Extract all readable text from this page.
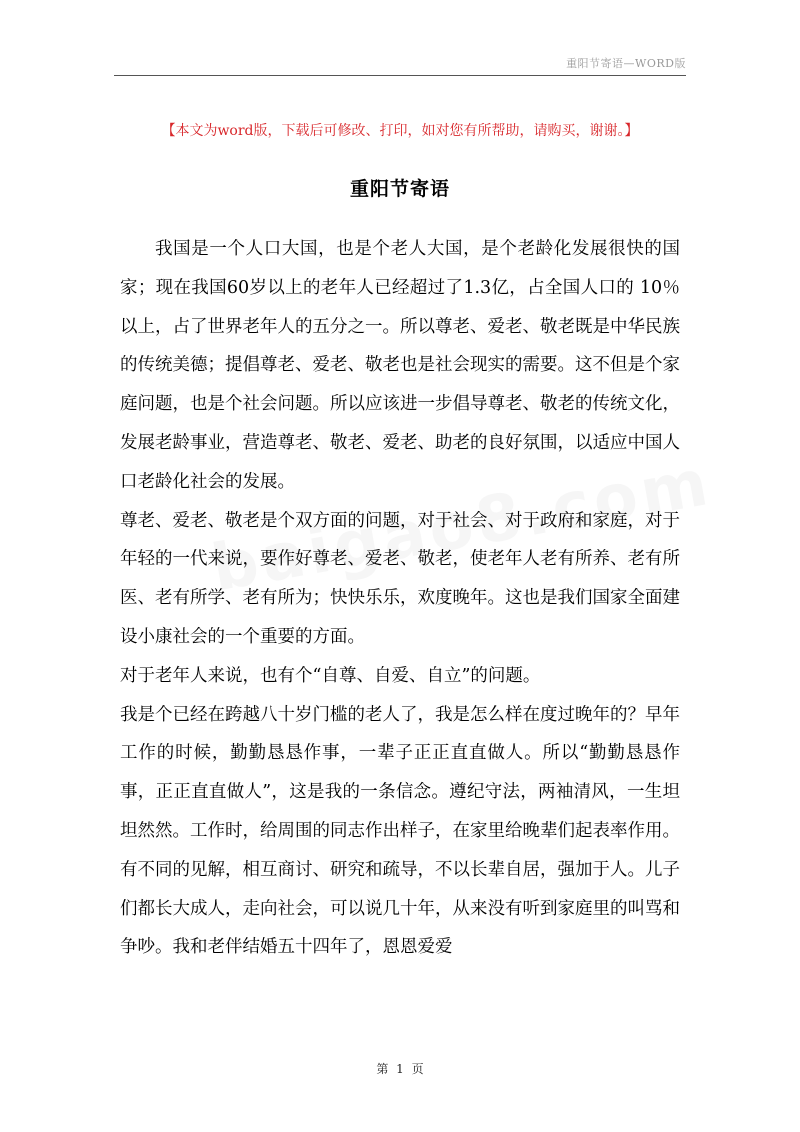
重阳节寄语—WORD版
【本文为word版，下载后可修改、打印，如对您有所帮助，请购买，谢谢。】
重阳节寄语

我国是一个人口大国，也是个老人大国，是个老龄化发展很快的国家；现在我国60岁以上的老年人已经超过了1.3亿，占全国人口的 10％以上，占了世界老年人的五分之一。所以尊老、爱老、敬老既是中华民族的传统美德；提倡尊老、爱老、敬老也是社会现实的需要。这不但是个家庭问题，也是个社会问题。所以应该进一步倡导尊老、敬老的传统文化，发展老龄事业，营造尊老、敬老、爱老、助老的良好氛围，以适应中国人口老龄化社会的发展。

尊老、爱老、敬老是个双方面的问题，对于社会、对于政府和家庭，对于年轻的一代来说，要作好尊老、爱老、敬老，使老年人老有所养、老有所医、老有所学、老有所为；快快乐乐，欢度晚年。这也是我们国家全面建设小康社会的一个重要的方面。

对于老年人来说，也有个“自尊、自爱、自立”的问题。

我是个已经在跨越八十岁门槛的老人了，我是怎么样在度过晚年的？早年工作的时候，勤勤恳恳作事，一辈子正正直直做人。所以“勤勤恳恳作事，正正直直做人”，这是我的一条信念。遵纪守法，两袖清风，一生坦坦然然。工作时，给周围的同志作出样子，在家里给晚辈们起表率作用。有不同的见解，相互商讨、研究和疏导，不以长辈自居，强加于人。儿子们都长大成人，走向社会，可以说几十年，从来没有听到家庭里的叫骂和争吵。我和老伴结婚五十四年了，恩恩爱爱

第 1 页
